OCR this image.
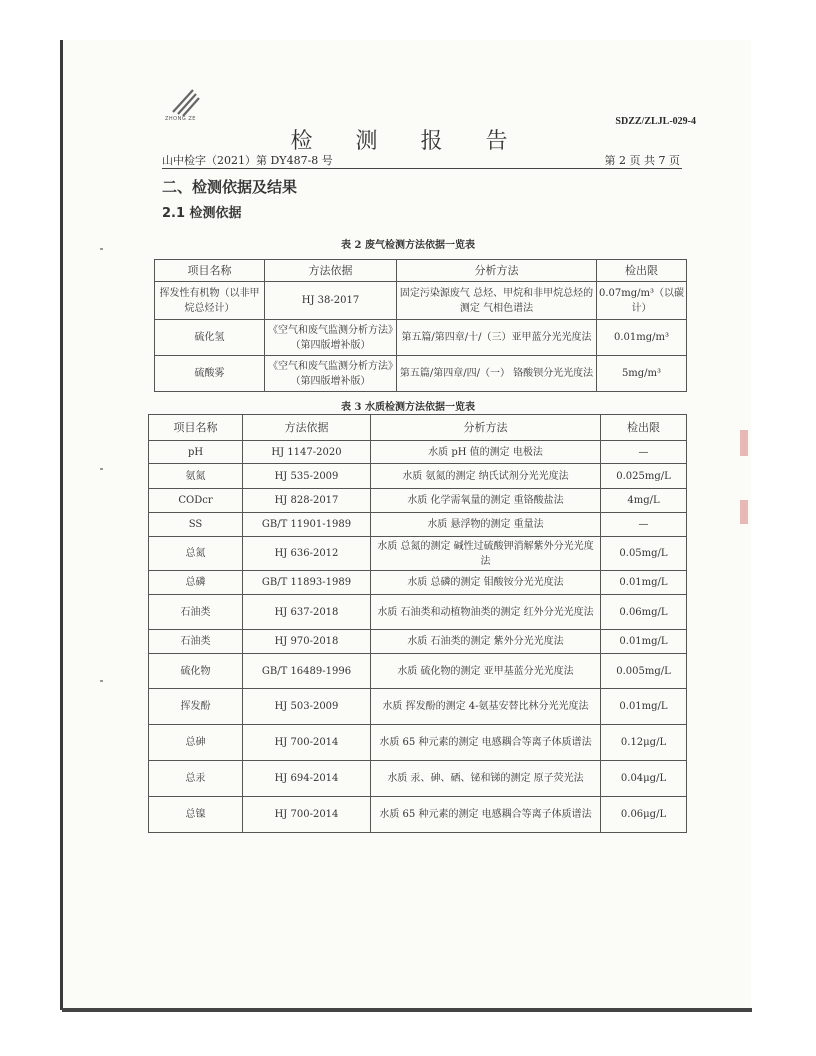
ZHONG ZE	SDZZ/ZLJL-029-4
检 测 报 告
山中检字（2021）第 DY487-8 号	第 2 页 共 7 页
二、检测依据及结果
2.1 检测依据
表 2 废气检测方法依据一览表
项目名称	方法依据	分析方法	检出限
挥发性有机物（以非甲烷总烃计）	HJ 38-2017	固定污染源废气 总烃、甲烷和非甲烷总烃的测定 气相色谱法	0.07mg/m³（以碳计）
硫化氢	《空气和废气监测分析方法》（第四版增补版）	第五篇/第四章/十/（三）亚甲蓝分光光度法	0.01mg/m³
硫酸雾	《空气和废气监测分析方法》（第四版增补版）	第五篇/第四章/四/（一） 铬酸钡分光光度法	5mg/m³
表 3 水质检测方法依据一览表
项目名称	方法依据	分析方法	检出限
pH	HJ 1147-2020	水质 pH 值的测定 电极法	—
氨氮	HJ 535-2009	水质 氨氮的测定 纳氏试剂分光光度法	0.025mg/L
CODcr	HJ 828-2017	水质 化学需氧量的测定 重铬酸盐法	4mg/L
SS	GB/T 11901-1989	水质 悬浮物的测定 重量法	—
总氮	HJ 636-2012	水质 总氮的测定 碱性过硫酸钾消解紫外分光光度法	0.05mg/L
总磷	GB/T 11893-1989	水质 总磷的测定 钼酸铵分光光度法	0.01mg/L
石油类	HJ 637-2018	水质 石油类和动植物油类的测定 红外分光光度法	0.06mg/L
石油类	HJ 970-2018	水质 石油类的测定 紫外分光光度法	0.01mg/L
硫化物	GB/T 16489-1996	水质 硫化物的测定 亚甲基蓝分光光度法	0.005mg/L
挥发酚	HJ 503-2009	水质 挥发酚的测定 4-氨基安替比林分光光度法	0.01mg/L
总砷	HJ 700-2014	水质 65 种元素的测定 电感耦合等离子体质谱法	0.12μg/L
总汞	HJ 694-2014	水质 汞、砷、硒、铋和锑的测定 原子荧光法	0.04μg/L
总镍	HJ 700-2014	水质 65 种元素的测定 电感耦合等离子体质谱法	0.06μg/L
